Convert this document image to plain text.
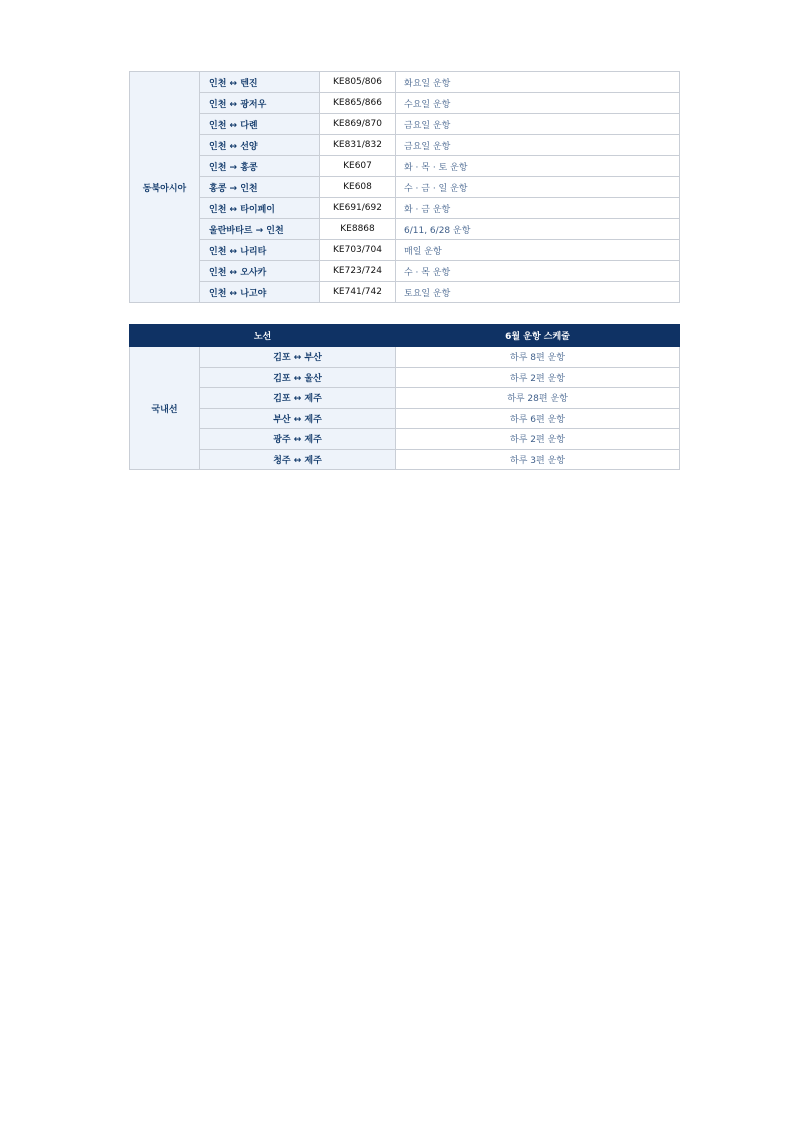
동북아시아	인천 ↔ 텐진	KE805/806	화요일 운항
	인천 ↔ 광저우	KE865/866	수요일 운항
	인천 ↔ 다롄	KE869/870	금요일 운항
	인천 ↔ 선양	KE831/832	금요일 운항
	인천 → 홍콩	KE607	화 · 목 · 토 운항
	홍콩 → 인천	KE608	수 · 금 · 일 운항
	인천 ↔ 타이페이	KE691/692	화 · 금 운항
	울란바타르 → 인천	KE8868	6/11, 6/28 운항
	인천 ↔ 나리타	KE703/704	매일 운항
	인천 ↔ 오사카	KE723/724	수 · 목 운항
	인천 ↔ 나고야	KE741/742	토요일 운항
노선		6월 운항 스케줄
국내선	김포 ↔ 부산	하루 8편 운항
	김포 ↔ 울산	하루 2편 운항
	김포 ↔ 제주	하루 28편 운항
	부산 ↔ 제주	하루 6편 운항
	광주 ↔ 제주	하루 2편 운항
	청주 ↔ 제주	하루 3편 운항
